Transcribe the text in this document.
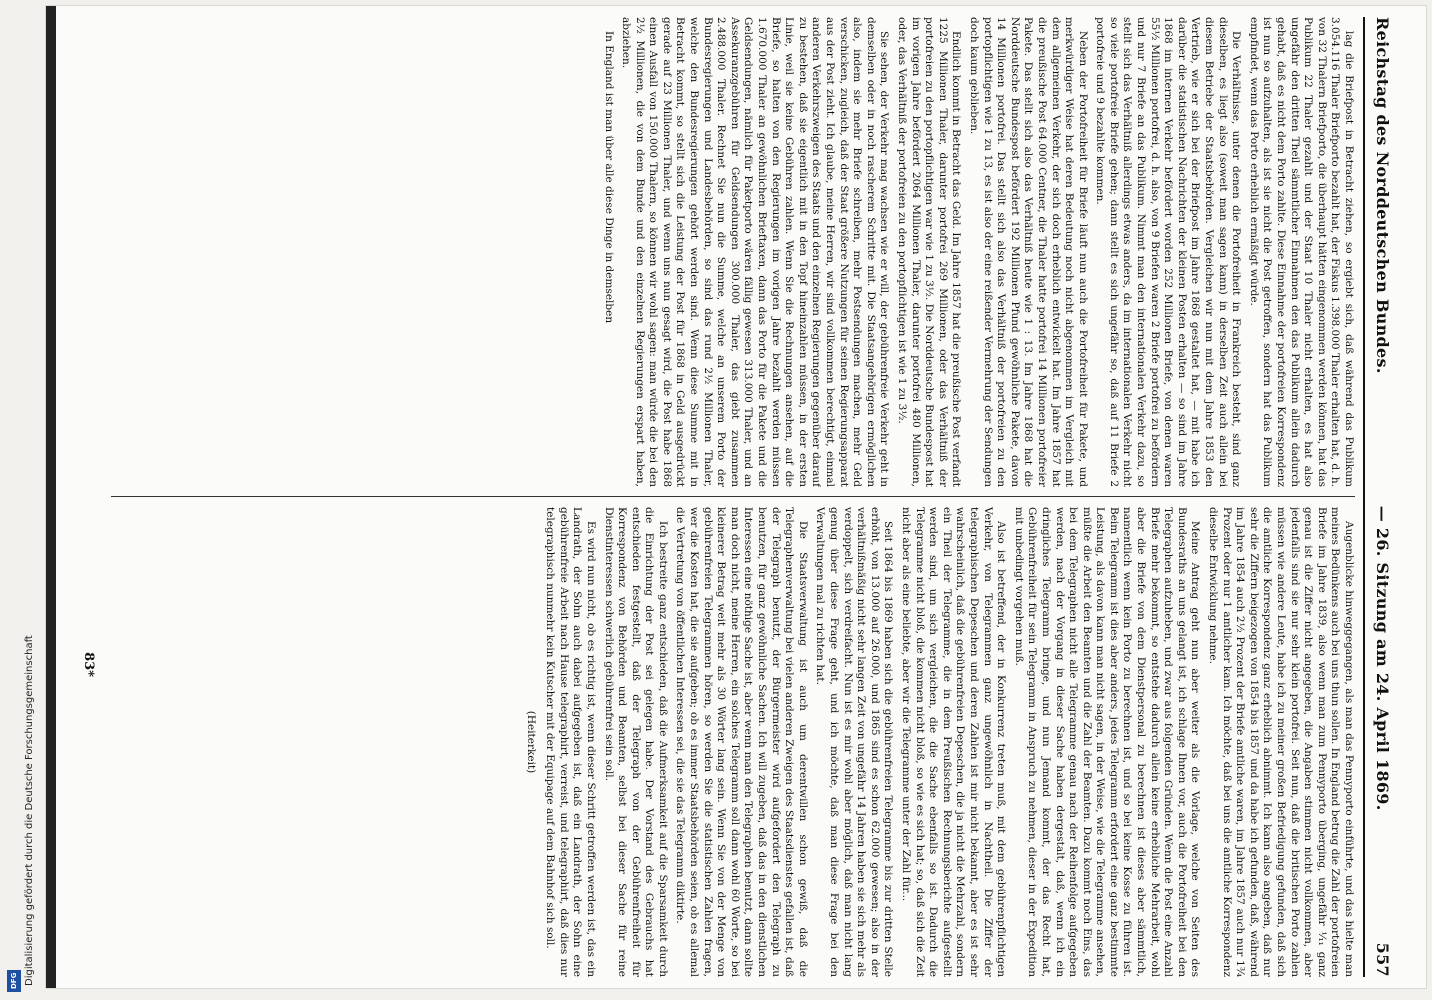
Reichstag des Norddeutschen Bundes.
— 26. Sitzung am 24. April 1869.
557

lag die Briefpost in Betracht ziehen, so ergiebt sich, daß während das Publikum 3.054.116 Thaler Briefporto bezahlt hat, der Fiskus 1.398.000 Thaler erhalten hat, d. h. von 32 Thalern Briefporto, die überhaupt hätten eingenommen werden können, hat das Publikum 22 Thaler gezahlt und der Staat 10 Thaler nicht erhalten, es hat also ungefähr den dritten Theil sämmtlicher Einnahmen den das Publikum allein dadurch gehabt, daß es nicht dem Porto zahlte. Diese Einnahme der portofreien Korrespondenz ist nun so aufzuhalten, als ist sie nicht die Post getroffen, sondern hat das Publikum empfindet, wenn das Porto erheblich ermäßigt würde.

Die Verhältnisse, unter denen die Portofreiheit in Frankreich besteht, sind ganz dieselben, es liegt also (soweit man sagen kann) in derselben Zeit auch allein bei diesem Betriebe der Staatsbehörden. Vergleichen wir nun mit dem Jahre 1853 den Vertrieb, wie er sich bei der Briefpost im Jahre 1868 gestaltet hat, — mit habe ich darüber die statistischen Nachrichten der kleinen Posten erhalten — so sind im Jahre 1868 im internen Verkehr befördert worden 252 Millionen Briefe, von denen waren 55½ Millionen portofrei, d. h. also, von 9 Briefen waren 2 Briefe portofrei zu befördern und nur 7 Briefe an das Publikum. Nimmt man den internationalen Verkehr dazu, so stellt sich das Verhältniß allerdings etwas anders, da im internationalen Verkehr nicht so viele portofreie Briefe gehen; dann stellt es sich ungefähr so, daß auf 11 Briefe 2 portofreie und 9 bezahlte kommen.

Neben der Portofreiheit für Briefe läuft nun auch die Portofreiheit für Pakete, und merkwürdiger Weise hat deren Bedeutung noch nicht abgenommen im Vergleich mit dem allgemeinen Verkehr, der sich doch erheblich entwickelt hat. Im Jahre 1857 hat die preußische Post 64.000 Centner, die Thaler hatte portofrei 14 Millionen portofreier Pakete. Das stellt sich also das Verhältniß heute wie 1 : 13. Im Jahre 1868 hat die Norddeutsche Bundespost befördert 192 Millionen Pfund gewöhnliche Pakete, davon 14 Millionen portofrei. Das stellt sich also das Verhältniß der portofreien zu den portopflichtigen wie 1 zu 13, es ist also der eine reißender Vermehrung der Sendungen doch kaum geblieben.

Endlich kommt in Betracht das Geld. Im Jahre 1857 hat die preußische Post verfandt 1225 Millionen Thaler, darunter portofrei 269 Millionen, oder das Verhältniß der portofreien zu den portopflichtigen war wie 1 zu 3½. Die Norddeutsche Bundespost hat im vorigen Jahre befördert 2064 Millionen Thaler, darunter portofrei 480 Millionen, oder, das Verhältniß der portofreien zu den portopflichtigen ist wie 1 zu 3½.

Sie sehen, der Verkehr mag wachsen wie er will, der gebührenfreie Verkehr geht in demselben oder in noch rascherem Schritte mit. Die Staatsangehörigen ermöglichen also, indem sie mehr Briefe schreiben, mehr Postsendungen machen, mehr Geld verschicken, zugleich, daß der Staat größere Nutzungen für seinen Regierungsapparat aus der Post zieht. Ich glaube, meine Herren, wir sind vollkommen berechtigt, einmal anderen Verkehrszweigen des Staats und den einzelnen Regierungen gegenüber darauf zu bestehen, daß sie eigentlich mit in den Topf hineinzahlen müssen, in der ersten Linie, weil sie keine Gebühren zahlen. Wenn Sie die Rechnungen ansehen, auf die Briefe, so halten von den Regierungen im vorigen Jahre bezahlt werden müssen 1.670.000 Thaler an gewöhnlichen Brieftaxen, dann das Porto für die Pakete und die Geldsendungen, nämlich für Paketporto wären fällig gewesen 313.000 Thaler, und an Assekuranzgebühren für Geldsendungen 300.000 Thaler, das giebt zusammen 2.488.000 Thaler. Rechnet Sie nun die Summe, welche an unserem Porto der Bundesregierungen und Landesbehörden, so sind das rund 2½ Millionen Thaler, welche den Bundesregierungen gehört werden sind. Wenn diese Summe mit in Betracht kommt, so stellt sich die Leistung der Post für 1868 in Geld ausgedrückt gerade auf 23 Millionen Thaler, und wenn uns nun gesagt wird, die Post habe 1868 einen Ausfall von 150.000 Thalern, so können wir wohl sagen: man würde die bei den 2½ Millionen, die von dem Bunde und den einzelnen Regierungen erspart haben, abziehen.

In England ist man über alle diese Dinge in demselben

Augenblicke hinweggegangen, als man das Pennyporto einführte, und das hielte man meines Bedünkens auch bei uns thun sollen. In England betrug die Zahl der portofreien Briefe im Jahre 1839, also wenn man zum Pennyporto überging, ungefähr ⅟₁₁ ganz genau ist die Ziffer nicht angegeben, die Angaben stimmen nicht vollkommen, aber jedenfalls sind sie nur sehr klein portofrei. Seit nun, daß die britischen Porto zahlen müssen wie andere Leute, habe ich zu meiner großen Befriedigung gefunden, daß sich die amtliche Korrespondenz ganz erheblich abnimmt. Ich kann also angeben, daß nur sehr die Ziffern beigezogen von 1854 bis 1857 und da habe ich gefunden, daß, während im Jahre 1854 auch 2½ Prozent der Briefe amtliche waren, im Jahre 1857 auch nur 1¾ Prozent oder nur 1 amtlicher kam. Ich möchte, daß bei uns die amtliche Korrespondenz dieselbe Entwicklung nehme.

Meine Antrag geht nun aber weiter als die Vorlage, welche von Seiten des Bundesraths an uns gelangt ist, ich schlage Ihnen vor, auch die Portofreiheit bei den Telegraphen aufzuheben, und zwar aus folgenden Gründen. Wenn die Post eine Anzahl Briefe mehr bekommt, so entstehe dadurch allein keine erhebliche Mehrarbeit, wohl aber die Briefe von dem Dienstpersonal zu berechnen ist dieses aber sämmtlich, namentlich wenn kein Porto zu berechnen ist, und so bei keine Kosse zu führen ist. Beim Telegramm ist dies aber anders, jedes Telegramm erfordert eine ganz bestimmte Leistung, als davon kann man nicht sagen, in der Weise, wie die Telegramme ansehen, müßte die Arbeit den Beamten und die Zahl der Beamten. Dazu kommt noch Eins, das bei dem Telegraphen nicht alle Telegramme genau nach der Reihenfolge aufgegeben werden, nach der Vorgang in dieser Sache haben dergestalt, daß, wenn ich ein dringliches Telegramm bringe, und nun Jemand kommt, der das Recht hat, Gebührenfreiheit für sein Telegramm in Anspruch zu nehmen, dieser in der Expedition mit unbedingt vorgehen muß.

Also ist betreffend, der in Konkurrenz treten muß, mit dem gebührenpflichtigen Verkehr, von Telegrammen ganz ungewöhnlich in Nachtheil. Die Ziffer der telegraphischen Depeschen und deren Zahlen ist mir nicht bekannt, aber es ist sehr wahrscheinlich, daß die gebührenfreien Depeschen, die ja nicht die Mehrzahl, sondern ein Theil der Telegramme, die in dem Preußischen Rechnungsberichte aufgestellt werden sind, um sich vergleichen, die die Sache ebenfalls so ist. Dadurch die Telegramme nicht bloß, die kommen nicht bloß, so wie es sich hat; so, daß sich die Zeit nicht aber als eine beliebte, aber wir die Telegramme unter der Zahl für...

Seit 1864 bis 1869 haben sich die gebührenfreien Telegramme bis zur dritten Stelle erhöht, von 13.000 auf 26.000, und 1865 sind es schon 62.000 gewesen; also in der verhältnißmäßig nicht sehr langen Zeit von ungefähr 14 Jahren haben sie sich mehr als verdoppelt, sich verdreifacht. Nun ist es mir wohl aber möglich, daß man nicht lang genug über diese Frage geht, und ich möchte, daß man diese Frage bei den Verwaltungen mal zu richten hat.

Die Staatsverwaltung ist auch um derentwillen schon gewiß, daß die Telegraphenverwaltung bei vielen anderen Zweigen des Staatsdienstes gefallen ist, daß der Telegraph benutzt, der Bürgermeister wird aufgefordert den Telegraph zu benutzen, für ganz gewöhnliche Sachen. Ich will zugeben, daß das in den dienstlichen Interessen eine nöthige Sache ist, aber wenn man den Telegraphen benutzt, dann sollte man doch nicht, meine Herren, ein solches Telegramm soll dann wohl 60 Worte, so bei kleinerer Betrag weit mehr als 30 Wörter lang sein. Wenn Sie von der Menge von gebührenfreien Telegrammen hören, so werden Sie die statistischen Zahlen fragen, wer die Kosten hat, die sie aufgeben; ob es immer Staatsbehörden seien, ob es allemal die Vertretung von öffentlichen Interessen sei, die sie das Telegramm diktirte.

Ich bestreite ganz entschieden, daß die Aufmerksamkeit auf die Sparsamkeit durch die Einrichtung der Post sei gelegen habe. Der Vorstand des Gebrauchs hat entschieden festgestellt, daß der Telegraph von der Gebührenfreiheit für Korrespondenz von Behörden und Beamten, selbst bei dieser Sache für reine Dienstinteressen schwerlich gebührenfrei sein soll.

Es wird nun nicht, ob es richtig ist, wenn dieser Schritt getroffen werden ist, das ein Landrath, der Sohn auch dabei aufgegeben ist, daß ein Landrath, der Sohn eine gebührenfreie Arbeit nach Hause telegraphirt, verreist, und telegraphirt, daß dies nur telegraphisch nunmehr kein Kutscher mit der Equipage auf dem Bahnhof sich soll.

(Heiterkeit)

83*
Digitalisierung gefördert durch die Deutsche Forschungsgemeinschaft
DFG
